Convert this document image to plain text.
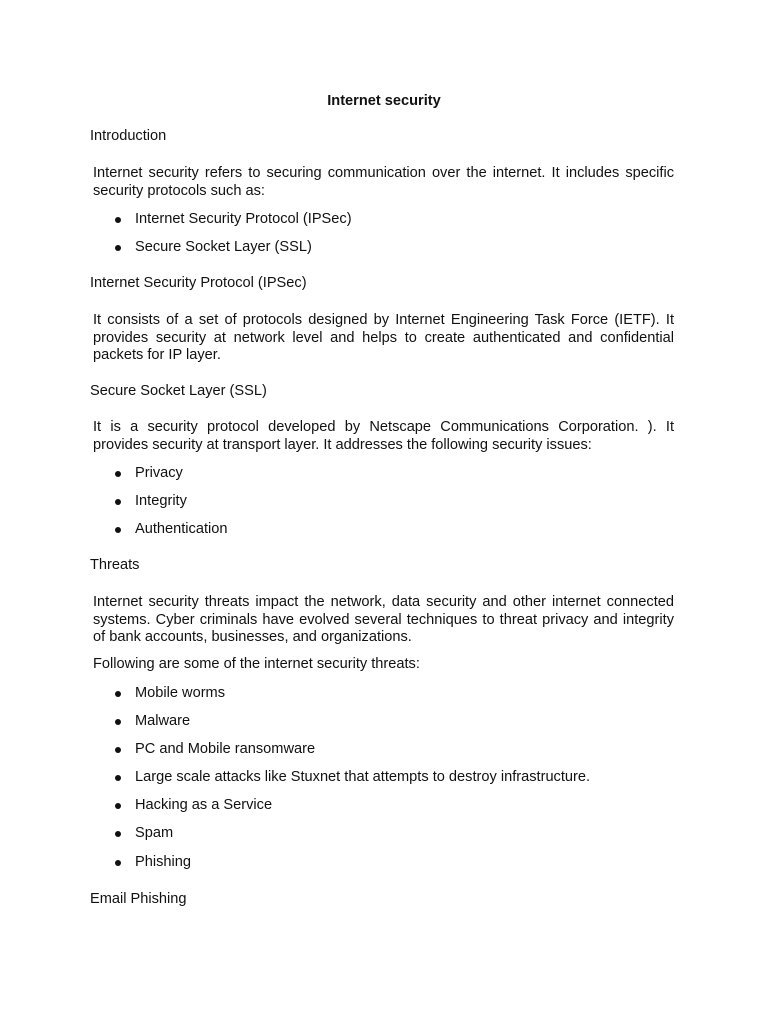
Internet security
Introduction

Internet security refers to securing communication over the internet. It includes specific security protocols such as:

Internet Security Protocol (IPSec)
Secure Socket Layer (SSL)
Internet Security Protocol (IPSec)

It consists of a set of protocols designed by Internet Engineering Task Force (IETF). It provides security at network level and helps to create authenticated and confidential packets for IP layer.

Secure Socket Layer (SSL)

It is a security protocol developed by Netscape Communications Corporation. ). It provides security at transport layer. It addresses the following security issues:

Privacy
Integrity
Authentication
Threats

Internet security threats impact the network, data security and other internet connected systems. Cyber criminals have evolved several techniques to threat privacy and integrity of bank accounts, businesses, and organizations.

Following are some of the internet security threats:

Mobile worms
Malware
PC and Mobile ransomware
Large scale attacks like Stuxnet that attempts to destroy infrastructure.
Hacking as a Service
Spam
Phishing
Email Phishing
